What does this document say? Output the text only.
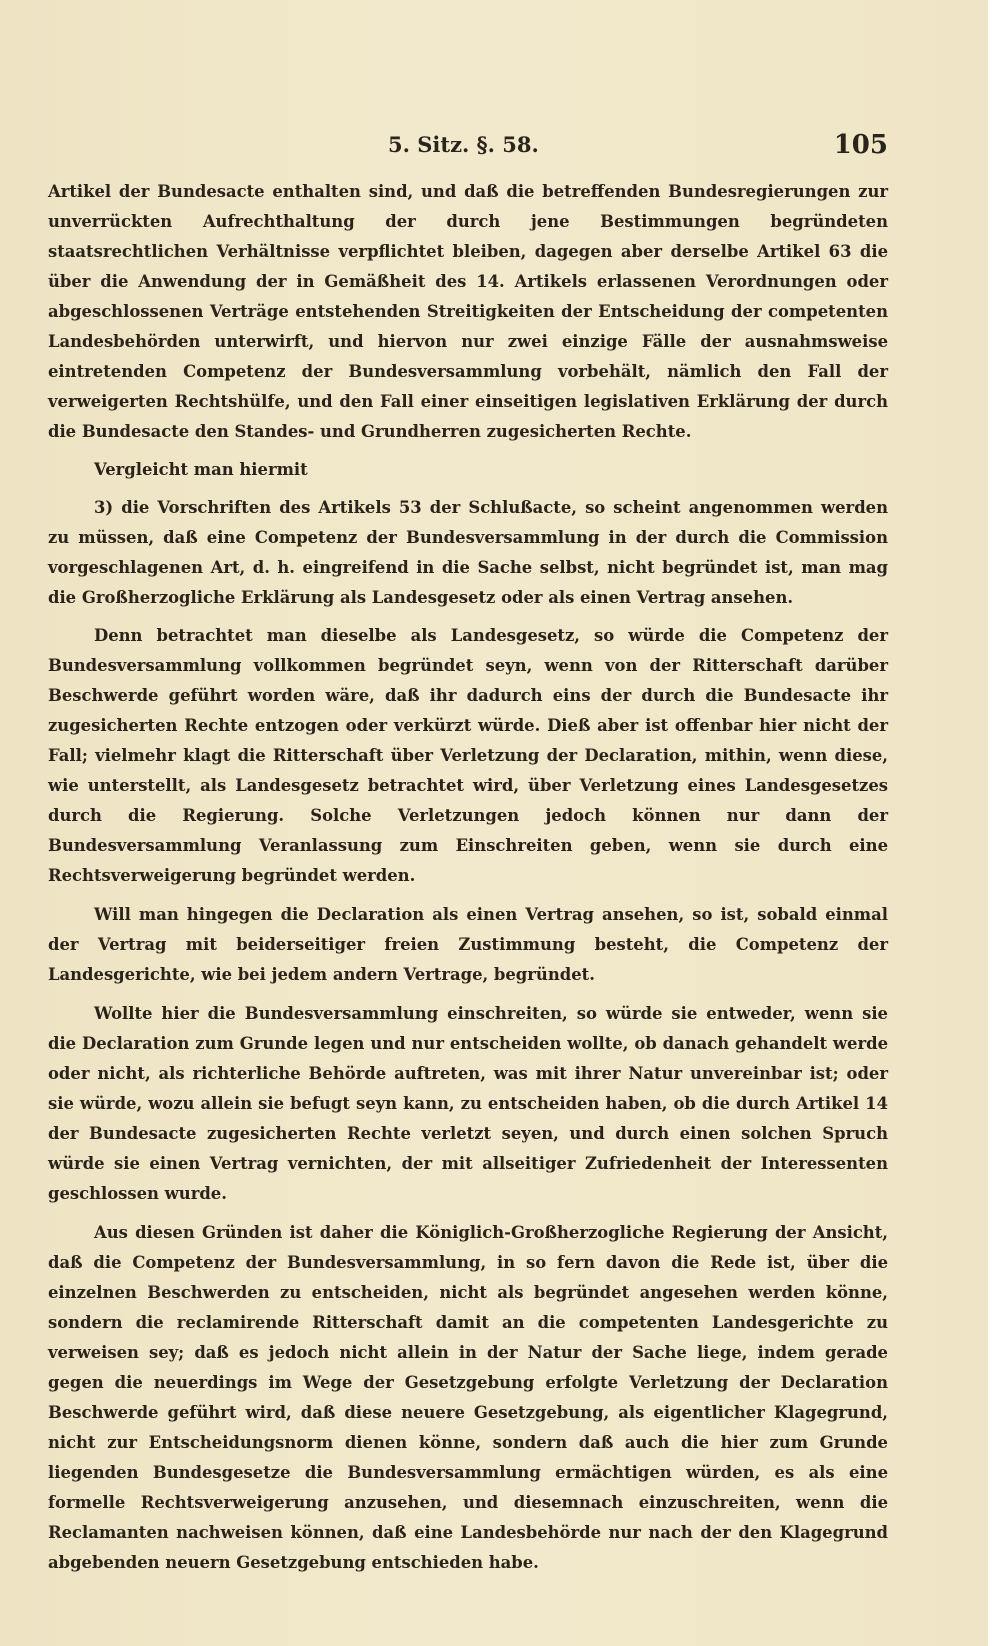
5. Sitz. §. 58.	105

Artikel der Bundesacte enthalten sind, und daß die betreffenden Bundesregierungen zur unverrückten Aufrechthaltung der durch jene Bestimmungen begründeten staatsrechtlichen Verhältnisse verpflichtet bleiben, dagegen aber derselbe Artikel 63 die über die Anwendung der in Gemäßheit des 14. Artikels erlassenen Verordnungen oder abgeschlossenen Verträge entstehenden Streitigkeiten der Entscheidung der competenten Landesbehörden unterwirft, und hiervon nur zwei einzige Fälle der ausnahmsweise eintretenden Competenz der Bundesversammlung vorbehält, nämlich den Fall der verweigerten Rechtshülfe, und den Fall einer einseitigen legislativen Erklärung der durch die Bundesacte den Standes- und Grundherren zugesicherten Rechte.

Vergleicht man hiermit

3) die Vorschriften des Artikels 53 der Schlußacte, so scheint angenommen werden zu müssen, daß eine Competenz der Bundesversammlung in der durch die Commission vorgeschlagenen Art, d. h. eingreifend in die Sache selbst, nicht begründet ist, man mag die Großherzogliche Erklärung als Landesgesetz oder als einen Vertrag ansehen.

Denn betrachtet man dieselbe als Landesgesetz, so würde die Competenz der Bundesversammlung vollkommen begründet seyn, wenn von der Ritterschaft darüber Beschwerde geführt worden wäre, daß ihr dadurch eins der durch die Bundesacte ihr zugesicherten Rechte entzogen oder verkürzt würde. Dieß aber ist offenbar hier nicht der Fall; vielmehr klagt die Ritterschaft über Verletzung der Declaration, mithin, wenn diese, wie unterstellt, als Landesgesetz betrachtet wird, über Verletzung eines Landesgesetzes durch die Regierung. Solche Verletzungen jedoch können nur dann der Bundesversammlung Veranlassung zum Einschreiten geben, wenn sie durch eine Rechtsverweigerung begründet werden.

Will man hingegen die Declaration als einen Vertrag ansehen, so ist, sobald einmal der Vertrag mit beiderseitiger freien Zustimmung besteht, die Competenz der Landesgerichte, wie bei jedem andern Vertrage, begründet.

Wollte hier die Bundesversammlung einschreiten, so würde sie entweder, wenn sie die Declaration zum Grunde legen und nur entscheiden wollte, ob danach gehandelt werde oder nicht, als richterliche Behörde auftreten, was mit ihrer Natur unvereinbar ist; oder sie würde, wozu allein sie befugt seyn kann, zu entscheiden haben, ob die durch Artikel 14 der Bundesacte zugesicherten Rechte verletzt seyen, und durch einen solchen Spruch würde sie einen Vertrag vernichten, der mit allseitiger Zufriedenheit der Interessenten geschlossen wurde.

Aus diesen Gründen ist daher die Königlich-Großherzogliche Regierung der Ansicht, daß die Competenz der Bundesversammlung, in so fern davon die Rede ist, über die einzelnen Beschwerden zu entscheiden, nicht als begründet angesehen werden könne, sondern die reclamirende Ritterschaft damit an die competenten Landesgerichte zu verweisen sey; daß es jedoch nicht allein in der Natur der Sache liege, indem gerade gegen die neuerdings im Wege der Gesetzgebung erfolgte Verletzung der Declaration Beschwerde geführt wird, daß diese neuere Gesetzgebung, als eigentlicher Klagegrund, nicht zur Entscheidungsnorm dienen könne, sondern daß auch die hier zum Grunde liegenden Bundesgesetze die Bundesversammlung ermächtigen würden, es als eine formelle Rechtsverweigerung anzusehen, und diesemnach einzuschreiten, wenn die Reclamanten nachweisen können, daß eine Landesbehörde nur nach der den Klagegrund abgebenden neuern Gesetzgebung entschieden habe.
